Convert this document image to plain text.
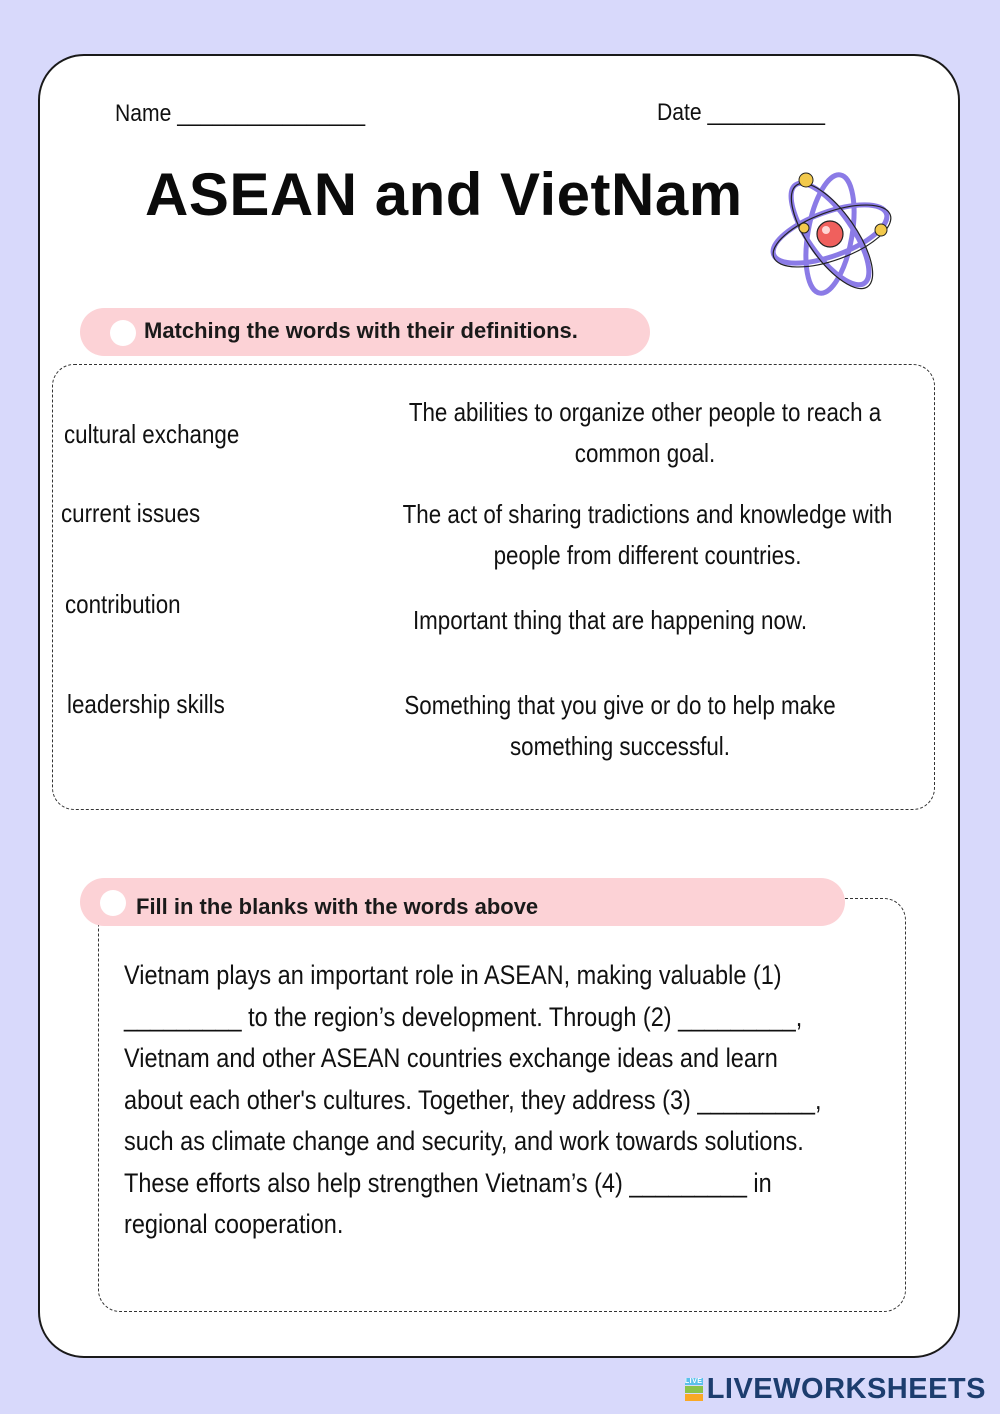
Name ________________	Date __________
ASEAN and VietNam
Matching the words with their definitions.
cultural exchange
current issues
contribution
leadership skills
The abilities to organize other people to reach a common goal.
The act of sharing tradictions and knowledge with people from different countries.
Important thing that are happening now.
Something that you give or do to help make something successful.
Fill in the blanks with the words above
Vietnam plays an important role in ASEAN, making valuable (1)
_________ to the region’s development. Through (2) _________,
Vietnam and other ASEAN countries exchange ideas and learn
about each other's cultures. Together, they address (3) _________,
such as climate change and security, and work towards solutions.
These efforts also help strengthen Vietnam’s (4) _________ in
regional cooperation.
LIVE LIVEWORKSHEETS
